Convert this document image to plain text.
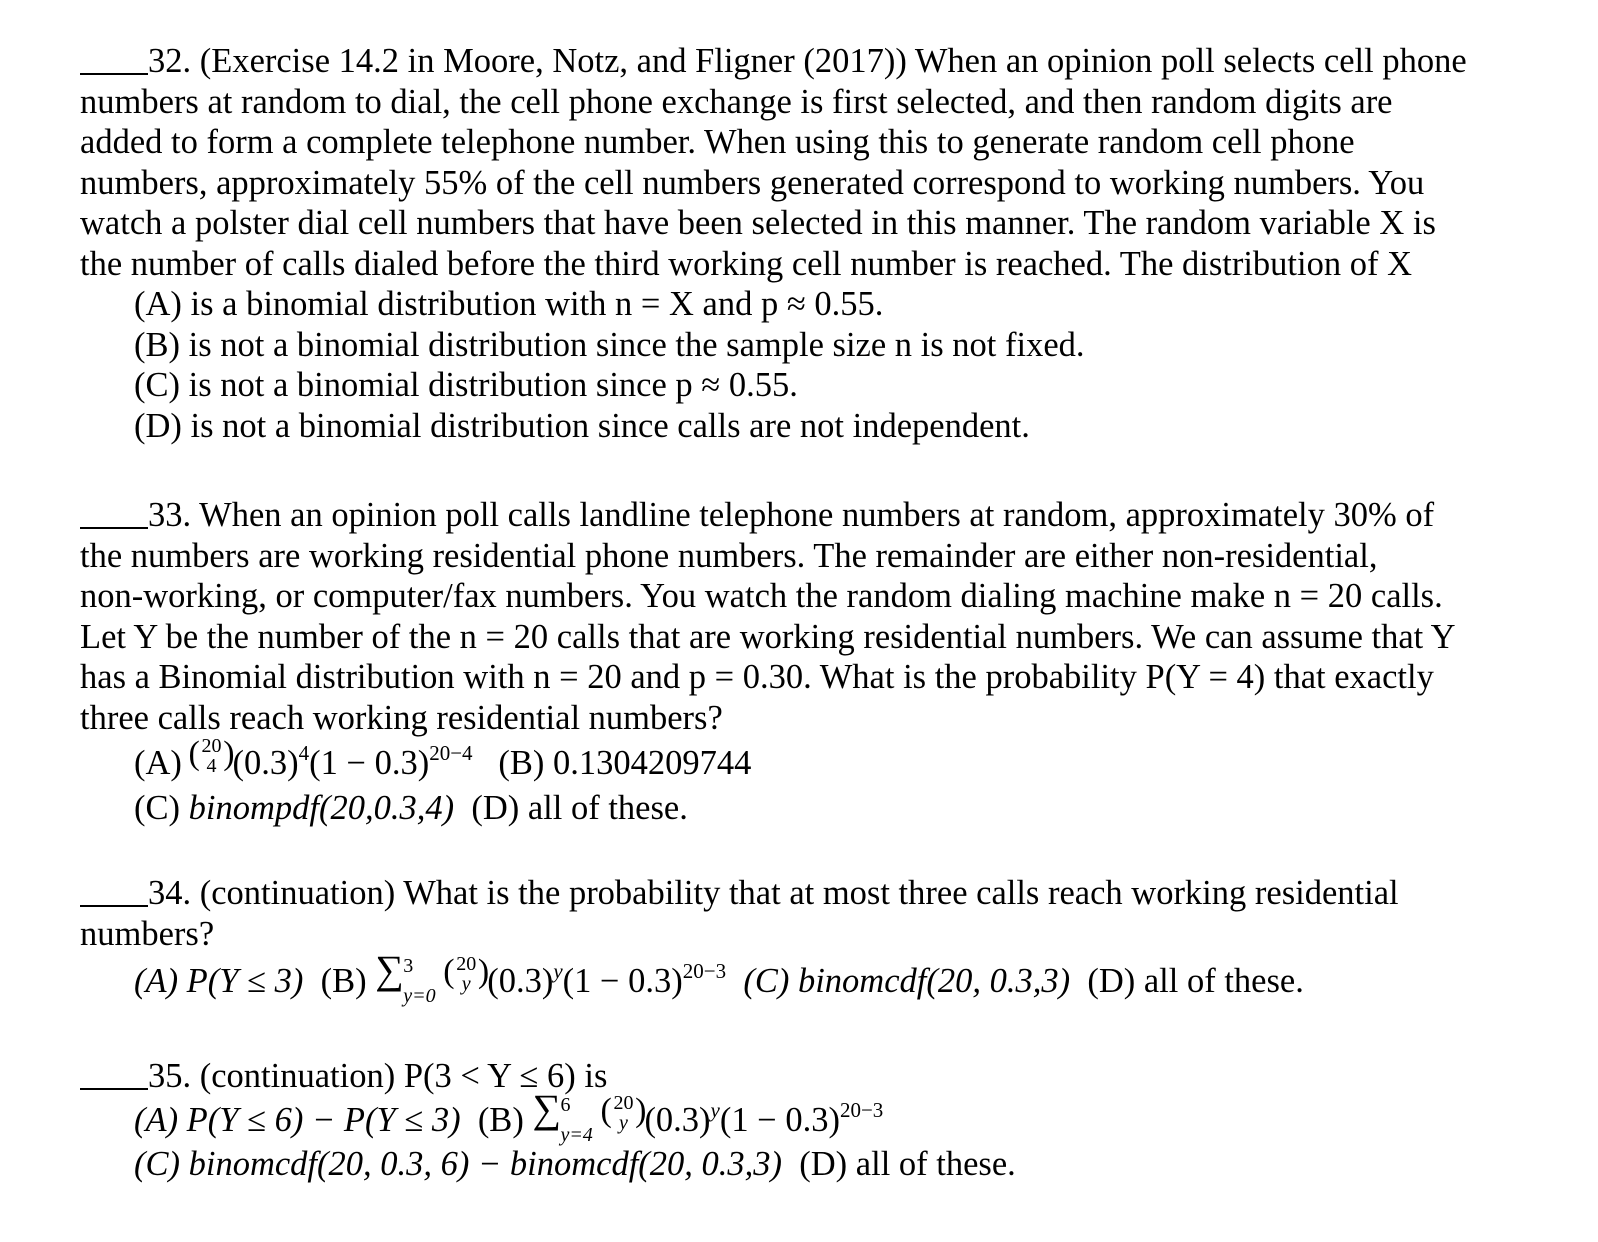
32. (Exercise 14.2 in Moore, Notz, and Fligner (2017)) When an opinion poll selects cell phone

numbers at random to dial, the cell phone exchange is first selected, and then random digits are

added to form a complete telephone number. When using this to generate random cell phone

numbers, approximately 55% of the cell numbers generated correspond to working numbers. You

watch a polster dial cell numbers that have been selected in this manner. The random variable X is

the number of calls dialed before the third working cell number is reached. The distribution of X

(A) is a binomial distribution with n = X and p ≈ 0.55.
(B) is not a binomial distribution since the sample size n is not fixed.
(C) is not a binomial distribution since p ≈ 0.55.
(D) is not a binomial distribution since calls are not independent.

33. When an opinion poll calls landline telephone numbers at random, approximately 30% of

the numbers are working residential phone numbers. The remainder are either non-residential,

non-working, or computer/fax numbers. You watch the random dialing machine make n = 20 calls.

Let Y be the number of the n = 20 calls that are working residential numbers. We can assume that Y

has a Binomial distribution with n = 20 and p = 0.30. What is the probability P(Y = 4) that exactly

three calls reach working residential numbers?

(A) ( 20
4 )
$(0.3)^4(1 - 0.3)^{20-4}$ (B) 0.1304209744
(C) binompdf(20,0.3,4) (D) all of these.

34. (continuation) What is the probability that at most three calls reach working residential

numbers?

(A) P(Y ≤ 3) (B) ∑ 3
y=0
( 20
y )
$(0.3)^y(1 - 0.3)^{20-3}$ (C) binomcdf(20, 0.3,3) (D) all of these.

35. (continuation) P(3 < Y ≤ 6) is

(A) P(Y ≤ 6) − P(Y ≤ 3) (B) ∑ 6
y=4
( 20
y )
$(0.3)^y(1 - 0.3)^{20-3}$
(C) binomcdf(20, 0.3, 6) − binomcdf(20, 0.3,3) (D) all of these.
